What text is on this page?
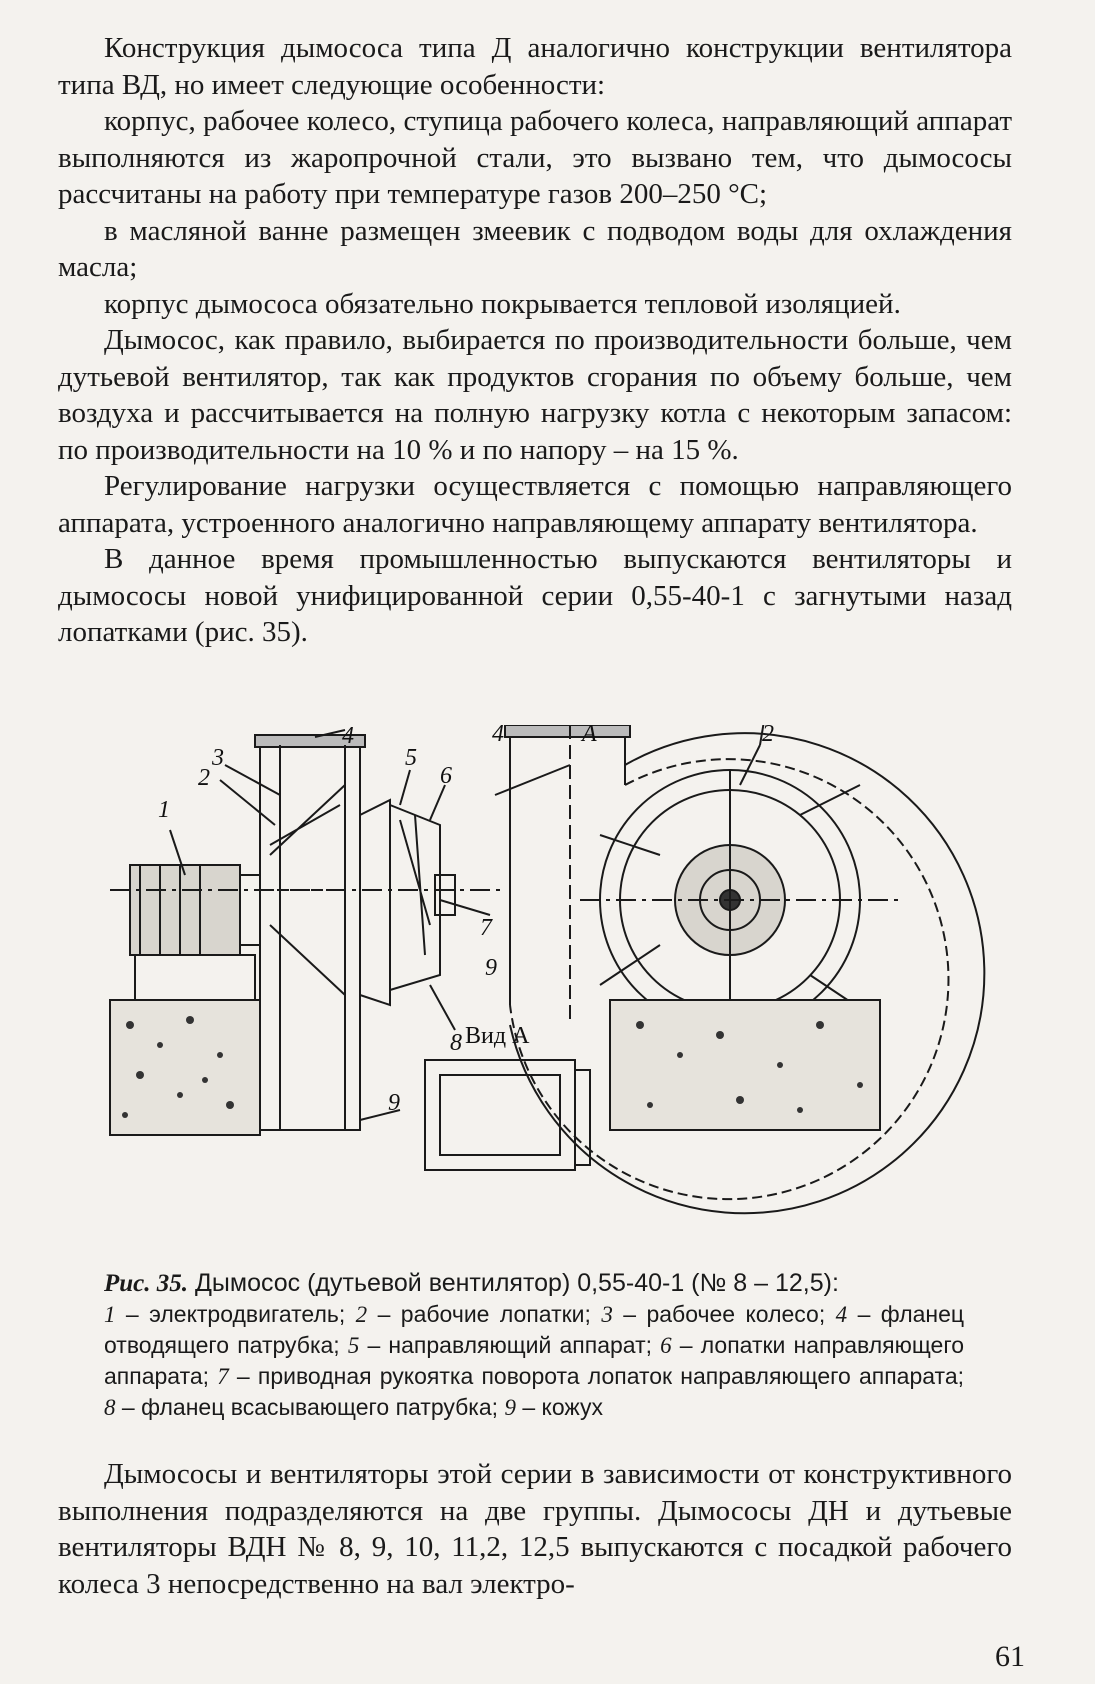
Конструкция дымососа типа Д аналогично конструкции вентилятора типа ВД, но имеет следующие особенности:

корпус, рабочее колесо, ступица рабочего колеса, направляющий аппарат выполняются из жаропрочной стали, это вызвано тем, что дымососы рассчитаны на работу при температуре газов 200–250 °С;

в масляной ванне размещен змеевик с подводом воды для охлаждения масла;

корпус дымососа обязательно покрывается тепловой изоляцией.

Дымосос, как правило, выбирается по производительности больше, чем дутьевой вентилятор, так как продуктов сгорания по объему больше, чем воздуха и рассчитывается на полную нагрузку котла с некоторым запасом: по производительности на 10 % и по напору – на 15 %.

Регулирование нагрузки осуществляется с помощью направляющего аппарата, устроенного аналогично направляющему аппарату вентилятора.

В данное время промышленностью выпускаются вентиляторы и дымососы новой унифицированной серии 0,55-40-1 с загнутыми назад лопатками (рис. 35).

1
2
3
4
5
6
7
8
9
4	A	2
9
Вид А
Рис. 35. Дымосос (дутьевой вентилятор) 0,55-40-1 (№ 8 – 12,5):
1 – электродвигатель; 2 – рабочие лопатки; 3 – рабочее колесо; 4 – фланец отводящего патрубка; 5 – направляющий аппарат; 6 – лопатки направляющего аппарата; 7 – приводная рукоятка поворота лопаток направляющего аппарата; 8 – фланец всасывающего патрубка; 9 – кожух

Дымососы и вентиляторы этой серии в зависимости от конструктивного выполнения подразделяются на две группы. Дымососы ДН и дутьевые вентиляторы ВДН № 8, 9, 10, 11,2, 12,5 выпускаются с посадкой рабочего колеса 3 непосредственно на вал электро-

61
